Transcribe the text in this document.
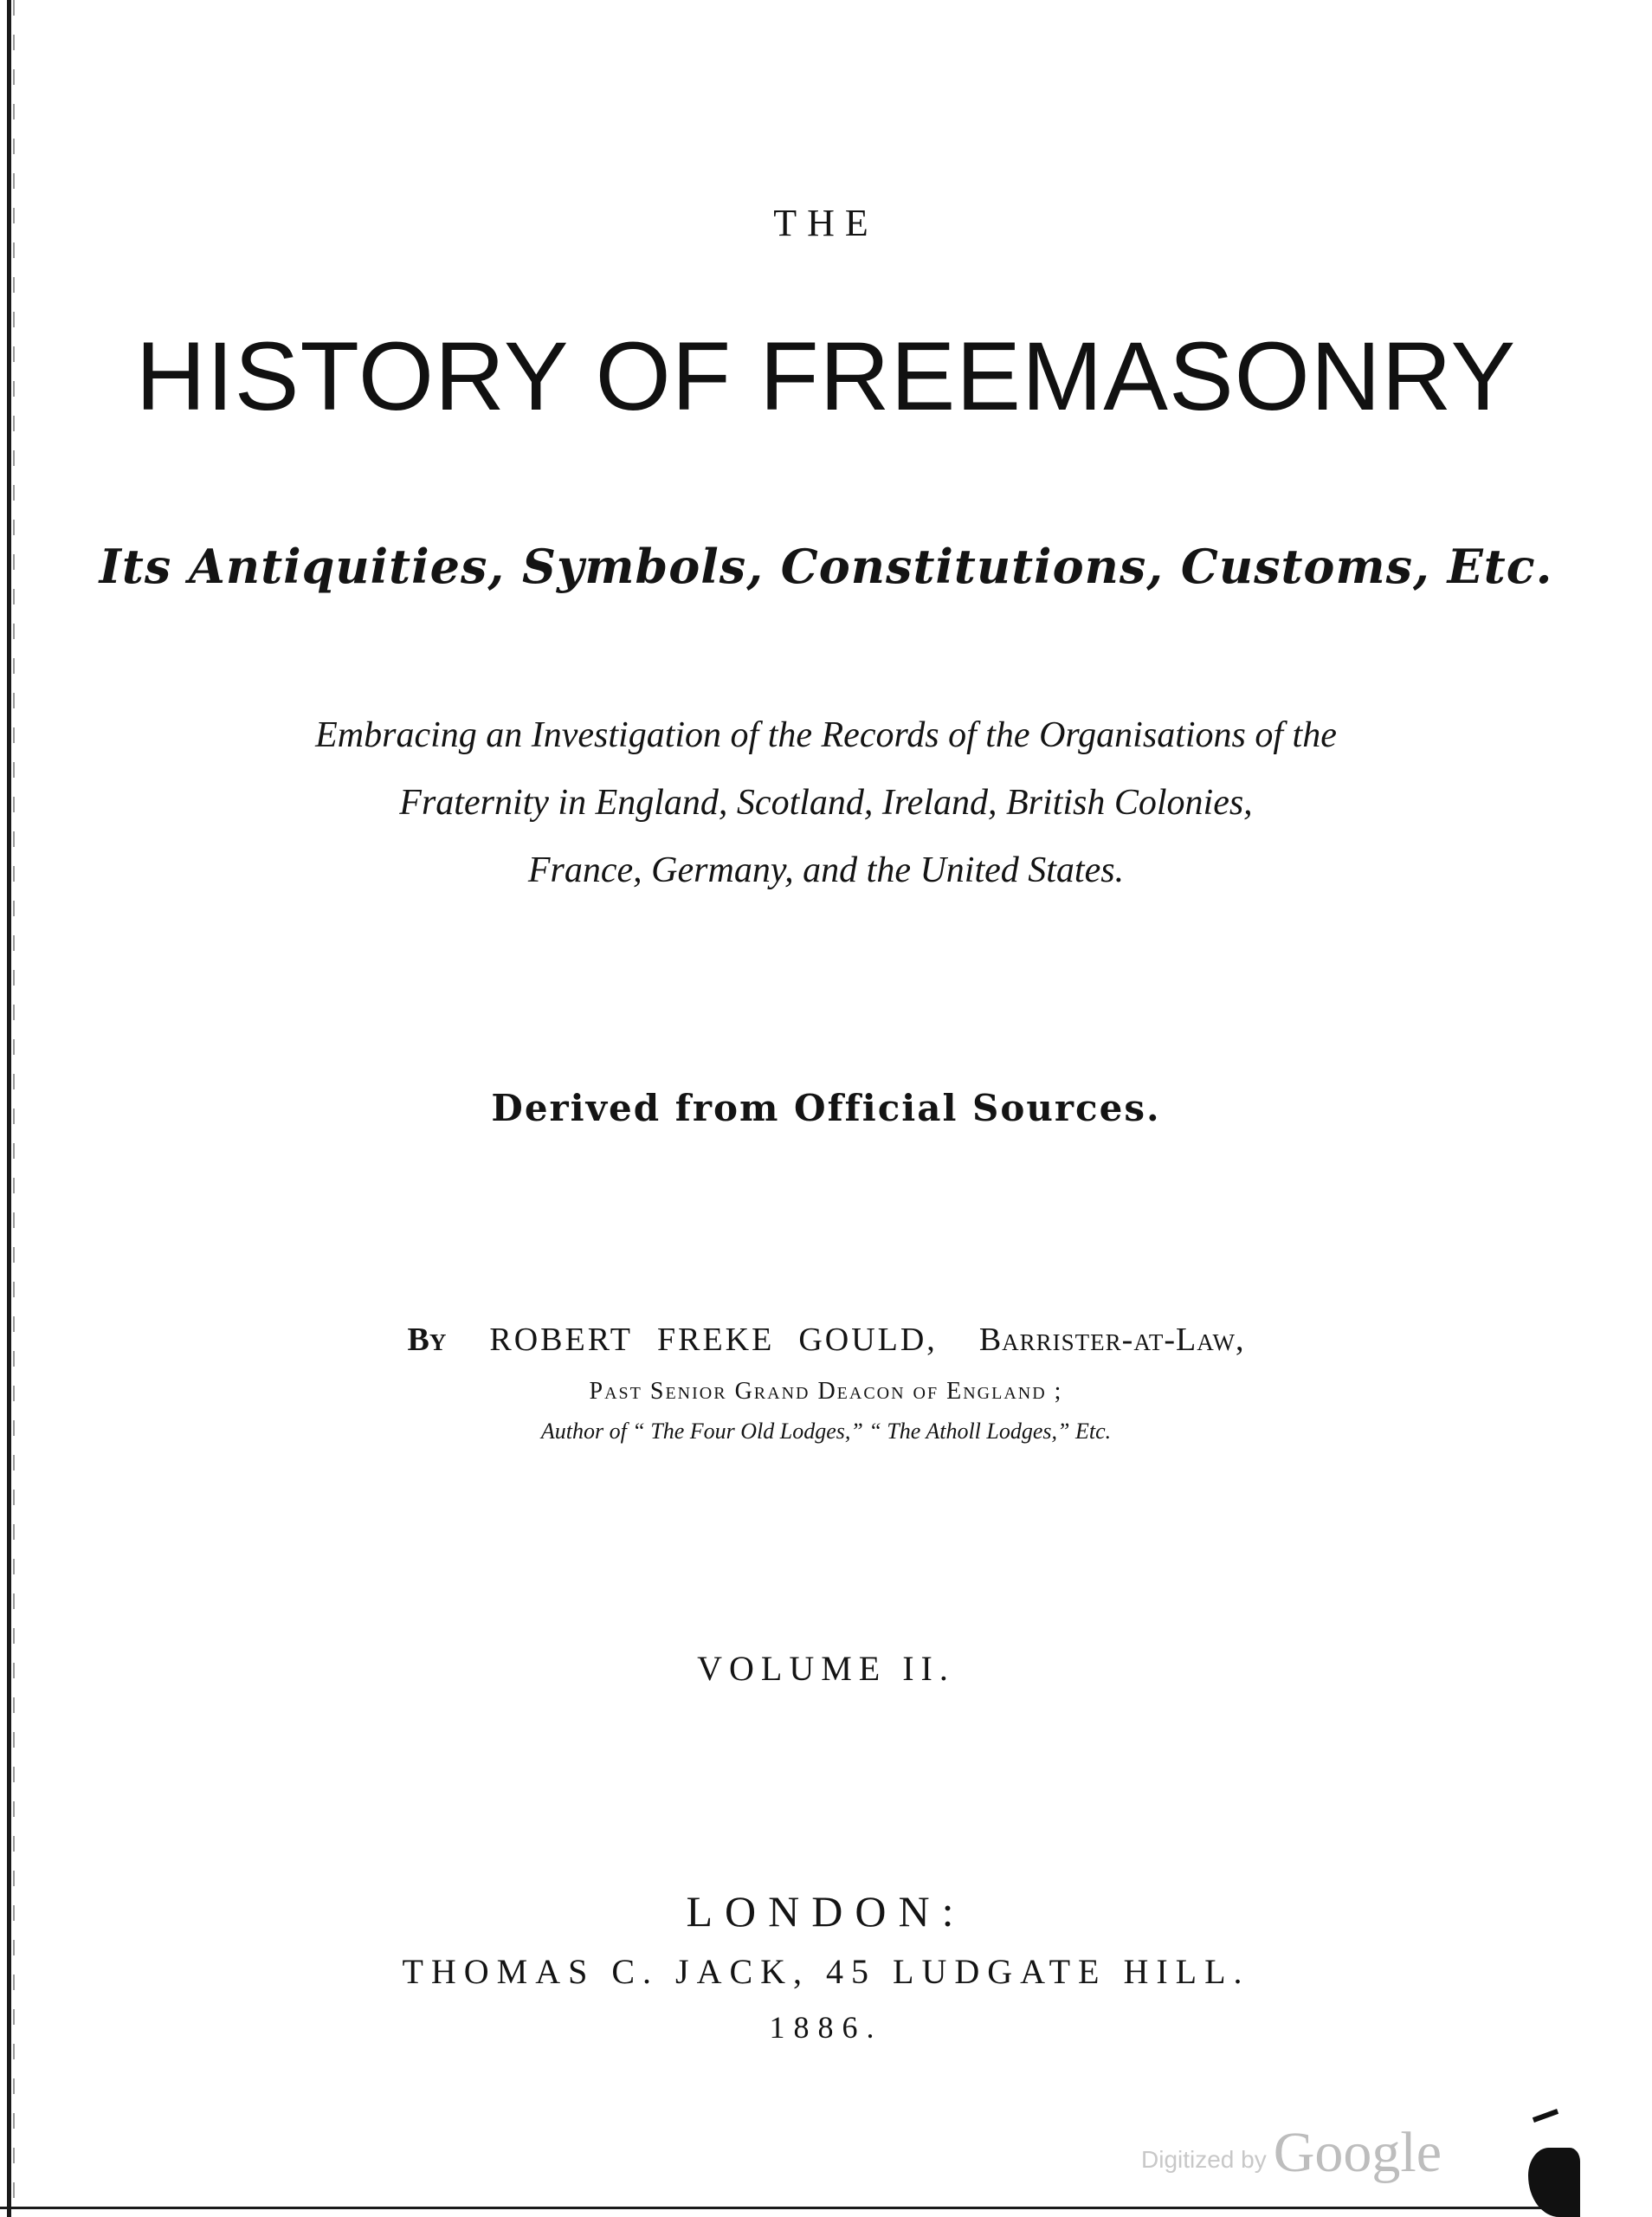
THE
HISTORY OF FREEMASONRY
Its Antiquities, Symbols, Constitutions, Customs, Etc.
Embracing an Investigation of the Records of the Organisations of the
Fraternity in England, Scotland, Ireland, British Colonies,
France, Germany, and the United States.
Derived from Official Sources.
By ROBERT FREKE GOULD, Barrister-at-Law,
Past Senior Grand Deacon of England ;
Author of “ The Four Old Lodges,” “ The Atholl Lodges,” Etc.
VOLUME II.
LONDON:
THOMAS C. JACK, 45 LUDGATE HILL.
1886.
Digitized by Google
